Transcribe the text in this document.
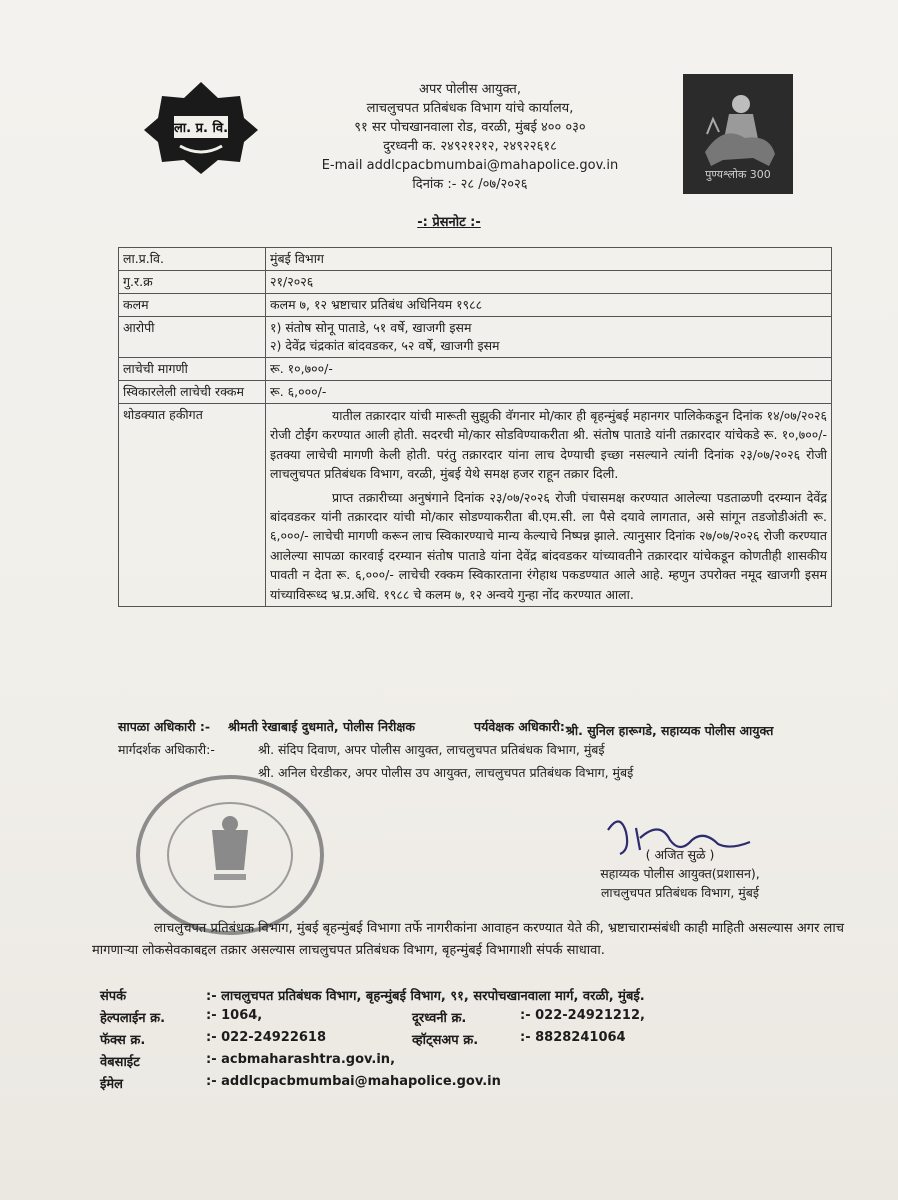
ला. प्र. वि.
अपर पोलीस आयुक्त,
लाचलुचपत प्रतिबंधक विभाग यांचे कार्यालय,
९१ सर पोचखानवाला रोड, वरळी, मुंबई ४०० ०३०
दुरध्वनी क. २४९२१२१२, २४९२२६१८
E-mail addlcpacbmumbai@mahapolice.gov.in
दिनांक :- २८ /०७/२०२६
पुण्यश्लोक 300
-: प्रेसनोट :-
ला.प्र.वि.	मुंबई विभाग
गु.र.क्र	२१/२०२६
कलम	कलम ७, १२ भ्रष्टाचार प्रतिबंध अधिनियम १९८८
आरोपी	१) संतोष सोनू पाताडे, ५१ वर्षे, खाजगी इसम
२) देवेंद्र चंद्रकांत बांदवडकर, ५२ वर्षे, खाजगी इसम

लाचेची मागणी	रू. १०,७००/-
स्विकारलेली लाचेची रक्कम	रू. ६,०००/-
थोडक्यात हकीगत	यातील तक्रारदार यांची मारूती सुझुकी वॅगनार मो/कार ही बृहन्मुंबई महानगर पालिकेकडून दिनांक १४/०७/२०२६ रोजी टोईंग करण्यात आली होती. सदरची मो/कार सोडविण्याकरीता श्री. संतोष पाताडे यांनी तक्रारदार यांचेकडे रू. १०,७००/- इतक्या लाचेची मागणी केली होती. परंतु तक्रारदार यांना लाच देण्याची इच्छा नसल्याने त्यांनी दिनांक २३/०७/२०२६ रोजी लाचलुचपत प्रतिबंधक विभाग, वरळी, मुंबई येथे समक्ष हजर राहून तक्रार दिली.

प्राप्त तक्रारीच्या अनुषंगाने दिनांक २३/०७/२०२६ रोजी पंचासमक्ष करण्यात आलेल्या पडताळणी दरम्यान देवेंद्र बांदवडकर यांनी तक्रारदार यांची मो/कार सोडण्याकरीता बी.एम.सी. ला पैसे दयावे लागतात, असे सांगून तडजोडीअंती रू. ६,०००/- लाचेची मागणी करून लाच स्विकारण्याचे मान्य केल्याचे निष्पन्न झाले. त्यानुसार दिनांक २७/०७/२०२६ रोजी करण्यात आलेल्या सापळा कारवाई दरम्यान संतोष पाताडे यांना देवेंद्र बांदवडकर यांच्यावतीने तक्रारदार यांचेकडून कोणतीही शासकीय पावती न देता रू. ६,०००/- लाचेची रक्कम स्विकारताना रंगेहाथ पकडण्यात आले आहे. म्हणुन उपरोक्त नमूद खाजगी इसम यांच्याविरूध्द भ्र.प्र.अधि. १९८८ चे कलम ७, १२ अन्वये गुन्हा नोंद करण्यात आला.

सापळा अधिकारी :- श्रीमती रेखाबाई दुधमाते, पोलीस निरीक्षक	पर्यवेक्षक अधिकारी:-
श्री. सुनिल हारूगडे, सहाय्यक पोलीस आयुक्त
मार्गदर्शक अधिकारी:-	श्री. संदिप दिवाण, अपर पोलीस आयुक्त, लाचलुचपत प्रतिबंधक विभाग, मुंबई
श्री. अनिल घेरडीकर, अपर पोलीस उप आयुक्त, लाचलुचपत प्रतिबंधक विभाग, मुंबई
( अजित सुळे )
सहाय्यक पोलीस आयुक्त(प्रशासन),
लाचलुचपत प्रतिबंधक विभाग, मुंबई
लाचलुचपत प्रतिबंधक विभाग, मुंबई बृहन्मुंबई विभागा तर्फे नागरीकांना आवाहन करण्यात येते की, भ्रष्टाचाराम्संबंधी काही माहिती असल्यास अगर लाच मागणाऱ्या लोकसेवकाबद्दल तक्रार असल्यास लाचलुचपत प्रतिबंधक विभाग, बृहन्मुंबई विभागाशी संपर्क साधावा.
संपर्क	:- लाचलुचपत प्रतिबंधक विभाग, बृहन्मुंबई विभाग, ९१, सरपोचखानवाला मार्ग, वरळी, मुंबई.
हेल्पलाईन क्र.	:- 1064,	दूरध्वनी क्र.	:- 022-24921212,
फॅक्स क्र.	:- 022-24922618	व्हॉट्सअप क्र.	:- 8828241064
वेबसाईट	:- acbmaharashtra.gov.in,
ईमेल	:- addlcpacbmumbai@mahapolice.gov.in
